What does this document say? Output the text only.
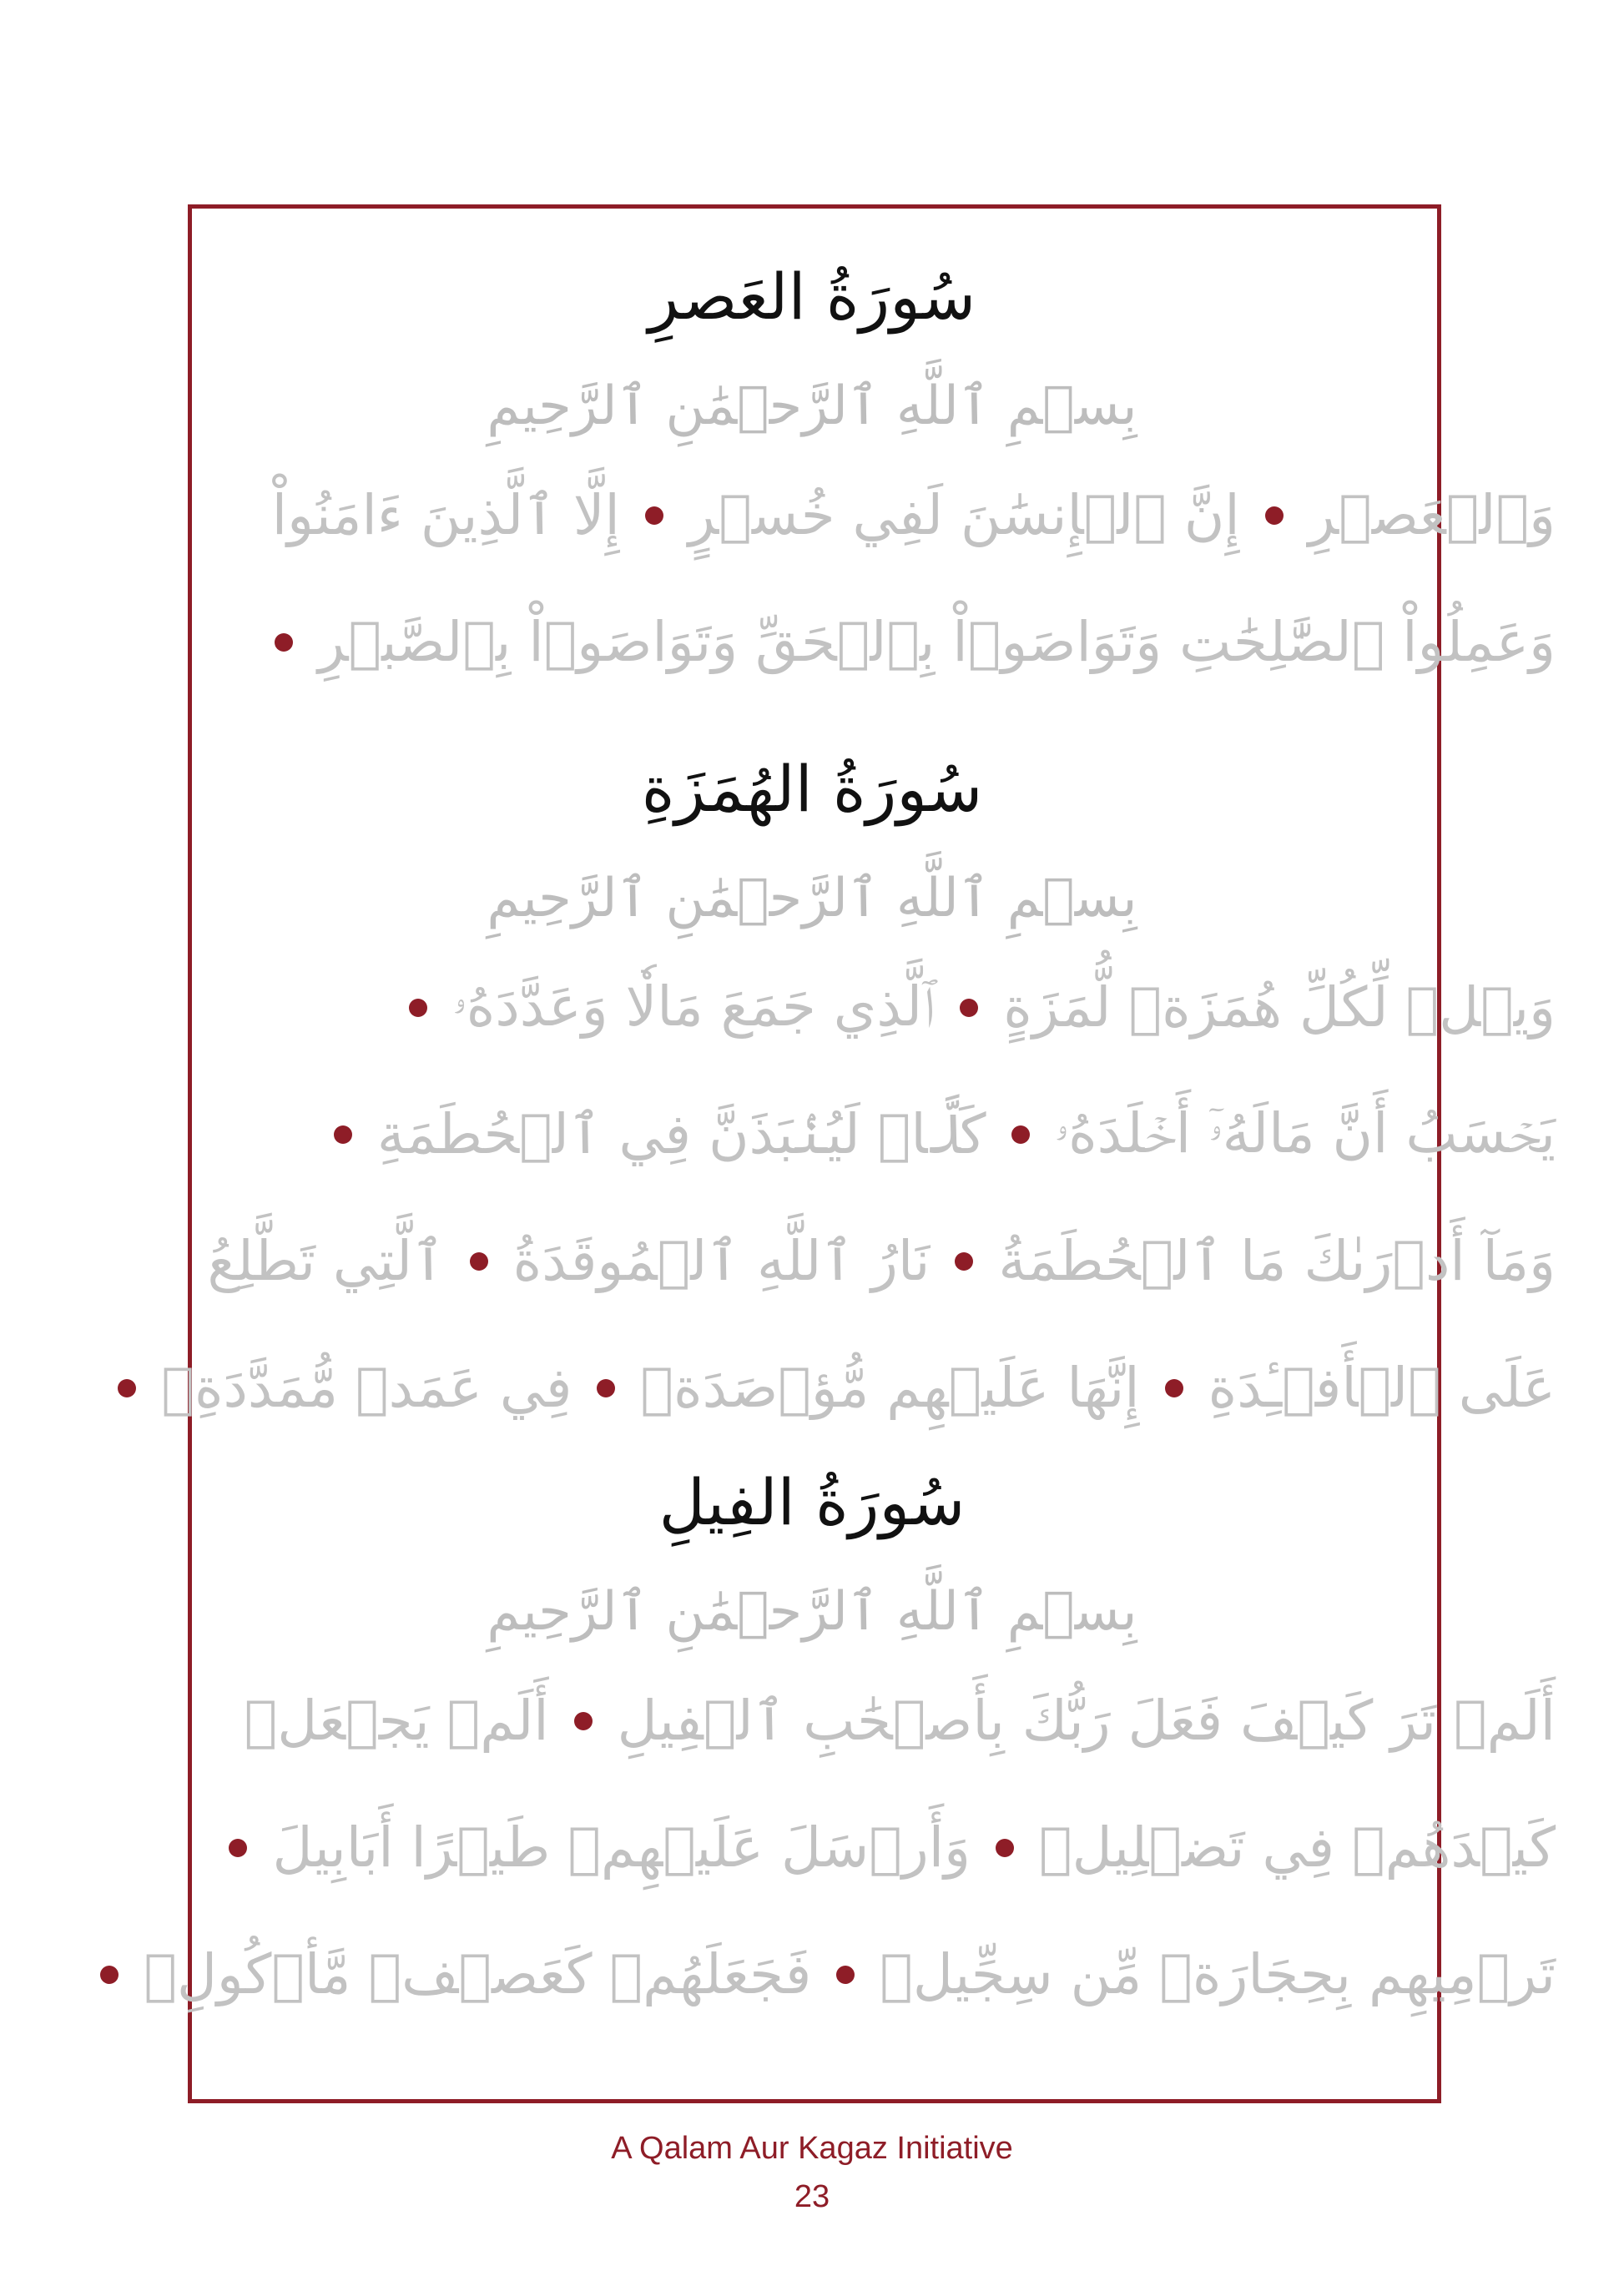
سُورَةُ العَصرِ
بِسۡمِ ٱللَّهِ ٱلرَّحۡمَٰنِ ٱلرَّحِيمِ
وَٱلۡعَصۡرِ
إِنَّ ٱلۡإِنسَٰنَ لَفِي خُسۡرٍ
إِلَّا ٱلَّذِينَ ءَامَنُواْ
وَعَمِلُواْ ٱلصَّٰلِحَٰتِ وَتَوَاصَوۡاْ بِٱلۡحَقِّ وَتَوَاصَوۡاْ بِٱلصَّبۡرِ
سُورَةُ الهُمَزَةِ
بِسۡمِ ٱللَّهِ ٱلرَّحۡمَٰنِ ٱلرَّحِيمِ
وَيۡلٞ لِّكُلِّ هُمَزَةٖ لُّمَزَةٍ
ٱلَّذِي جَمَعَ مَالٗا وَعَدَّدَهُۥ
يَحۡسَبُ أَنَّ مَالَهُۥٓ أَخۡلَدَهُۥ
كَلَّاۖ لَيُنۢبَذَنَّ فِي ٱلۡحُطَمَةِ
وَمَآ أَدۡرَىٰكَ مَا ٱلۡحُطَمَةُ
نَارُ ٱللَّهِ ٱلۡمُوقَدَةُ
ٱلَّتِي تَطَّلِعُ
عَلَى ٱلۡأَفۡـِٔدَةِ
إِنَّهَا عَلَيۡهِم مُّؤۡصَدَةٞ
فِي عَمَدٖ مُّمَدَّدَةِۭ
سُورَةُ الفِيلِ
بِسۡمِ ٱللَّهِ ٱلرَّحۡمَٰنِ ٱلرَّحِيمِ
أَلَمۡ تَرَ كَيۡفَ فَعَلَ رَبُّكَ بِأَصۡحَٰبِ ٱلۡفِيلِ
أَلَمۡ يَجۡعَلۡ
كَيۡدَهُمۡ فِي تَضۡلِيلٖ
وَأَرۡسَلَ عَلَيۡهِمۡ طَيۡرًا أَبَابِيلَ
تَرۡمِيهِم بِحِجَارَةٖ مِّن سِجِّيلٖ
فَجَعَلَهُمۡ كَعَصۡفٖ مَّأۡكُولِۭ
A Qalam Aur Kagaz Initiative
23
